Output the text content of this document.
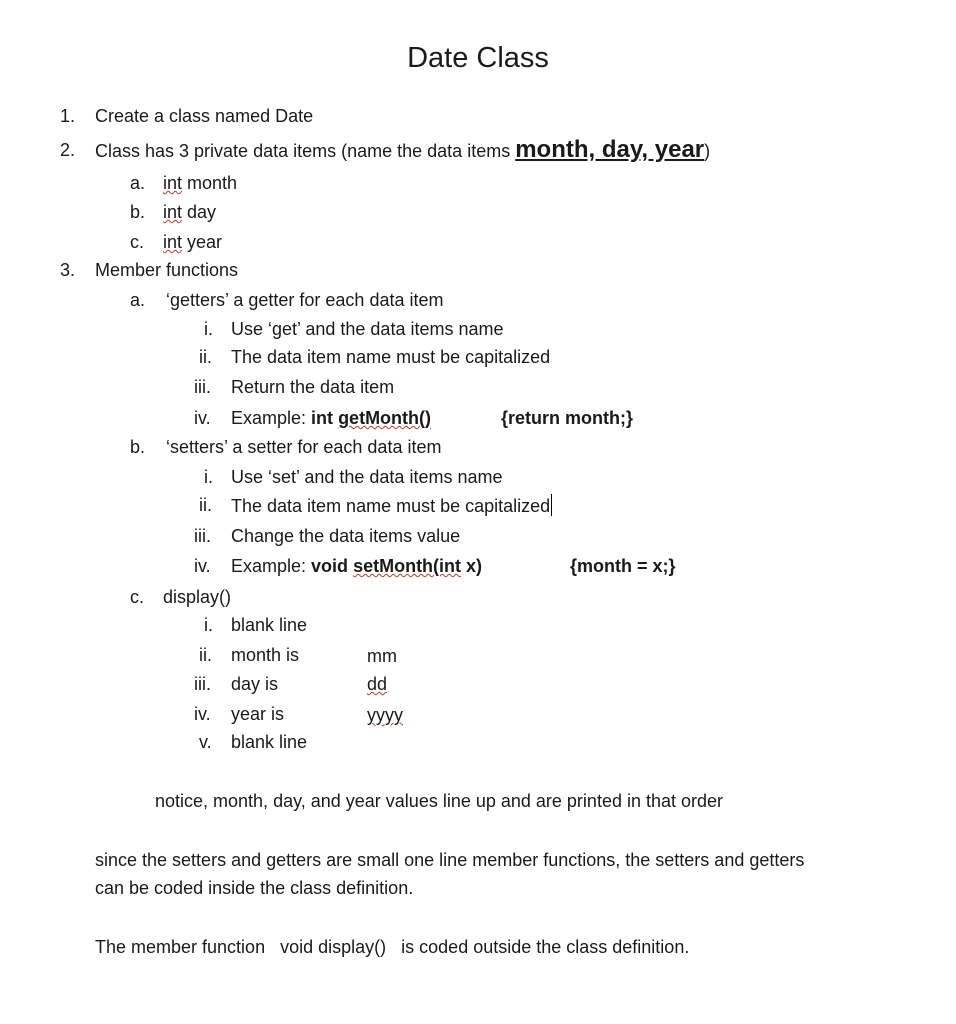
Date Class
1. Create a class named Date
2. Class has 3 private data items (name the data items month, day, year)
a. int month
b. int day
c. int year
3. Member functions
a. ‘getters’ a getter for each data item
i. Use ‘get’ and the data items name
ii. The data item name must be capitalized
iii. Return the data item
iv. Example: int getMonth()	{return month;}
b. ‘setters’ a setter for each data item
i. Use ‘set’ and the data items name
ii. The data item name must be capitalized
iii. Change the data items value
iv. Example: void setMonth(int x)	{month = x;}
c. display()
i. blank line
ii. month is	mm
iii. day is	dd
iv. year is	yyyy
v. blank line
notice, month, day, and year values line up and are printed in that order
since the setters and getters are small one line member functions, the setters and getters
can be coded inside the class definition.
The member function void display() is coded outside the class definition.
